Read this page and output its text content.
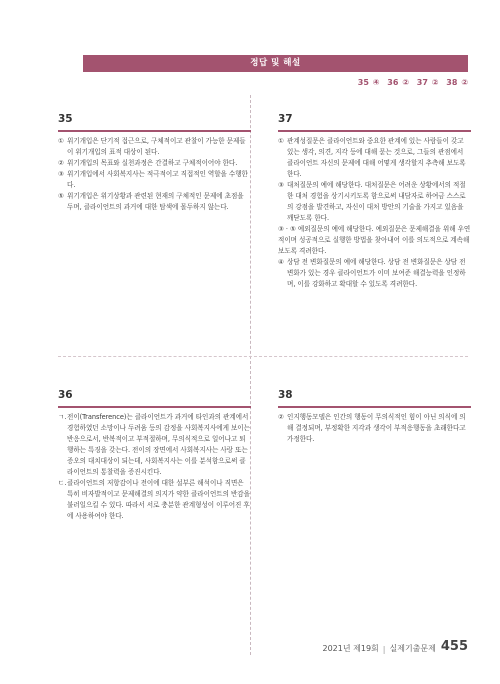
정답 및 해설
35 ④ 36 ② 37 ② 38 ②
35
① 위기개입은 단기적 접근으로, 구체적이고 관찰이 가능한 문제들이 위기개입의 표적 대상이 된다.
② 위기개입의 목표와 실천과정은 간결하고 구체적이어야 한다.
③ 위기개입에서 사회복지사는 적극적이고 직접적인 역할을 수행한다.
⑤ 위기개입은 위기상황과 관련된 현재의 구체적인 문제에 초점을 두며, 클라이언트의 과거에 대한 탐색에 몰두하지 않는다.
37
① 관계성질문은 클라이언트와 중요한 관계에 있는 사람들이 갖고 있는 생각, 의견, 지각 등에 대해 묻는 것으로, 그들의 관점에서 클라이언트 자신의 문제에 대해 어떻게 생각할지 추측해 보도록 한다.
③ 대처질문의 예에 해당한다. 대처질문은 어려운 상황에서의 적절한 대처 경험을 상기시키도록 함으로써 내담자로 하여금 스스로의 강점을 발견하고, 자신이 대처 방안의 기술을 가지고 있음을 깨닫도록 한다.
③ · ⑤ 예외질문의 예에 해당한다. 예외질문은 문제해결을 위해 우연적이며 성공적으로 실행한 방법을 찾아내어 이를 의도적으로 계속해 보도록 격려한다.
④ 상담 전 변화질문의 예에 해당한다. 상담 전 변화질문은 상담 전 변화가 있는 경우 클라이언트가 이미 보여준 해결능력을 인정하며, 이를 강화하고 확대할 수 있도록 격려한다.
36
ㄱ.전이(Transference)는 클라이언트가 과거에 타인과의 관계에서 경험하였던 소망이나 두려움 등의 감정을 사회복지사에게 보이는 반응으로서, 반복적이고 부적절하며, 무의식적으로 일어나고 퇴행하는 특징을 갖는다. 전이의 장면에서 사회복지사는 사랑 또는 증오의 대치대상이 되는데, 사회복지사는 이를 분석함으로써 클라이언트의 통찰력을 증진시킨다.
ㄷ.클라이언트의 저항감이나 전이에 대한 설부른 해석이나 직면은 특히 비자발적이고 문제해결의 의지가 약한 클라이언트의 반감을 불러일으킬 수 있다. 따라서 서로 충분한 관계형성이 이루어진 후에 사용하여야 한다.
38
② 인지행동모델은 인간의 행동이 무의식적인 힘이 아닌 의식에 의해 결정되며, 부정확한 지각과 생각이 부적응행동을 초래한다고 가정한다.
2021년 제19회 | 실제기출문제 455
